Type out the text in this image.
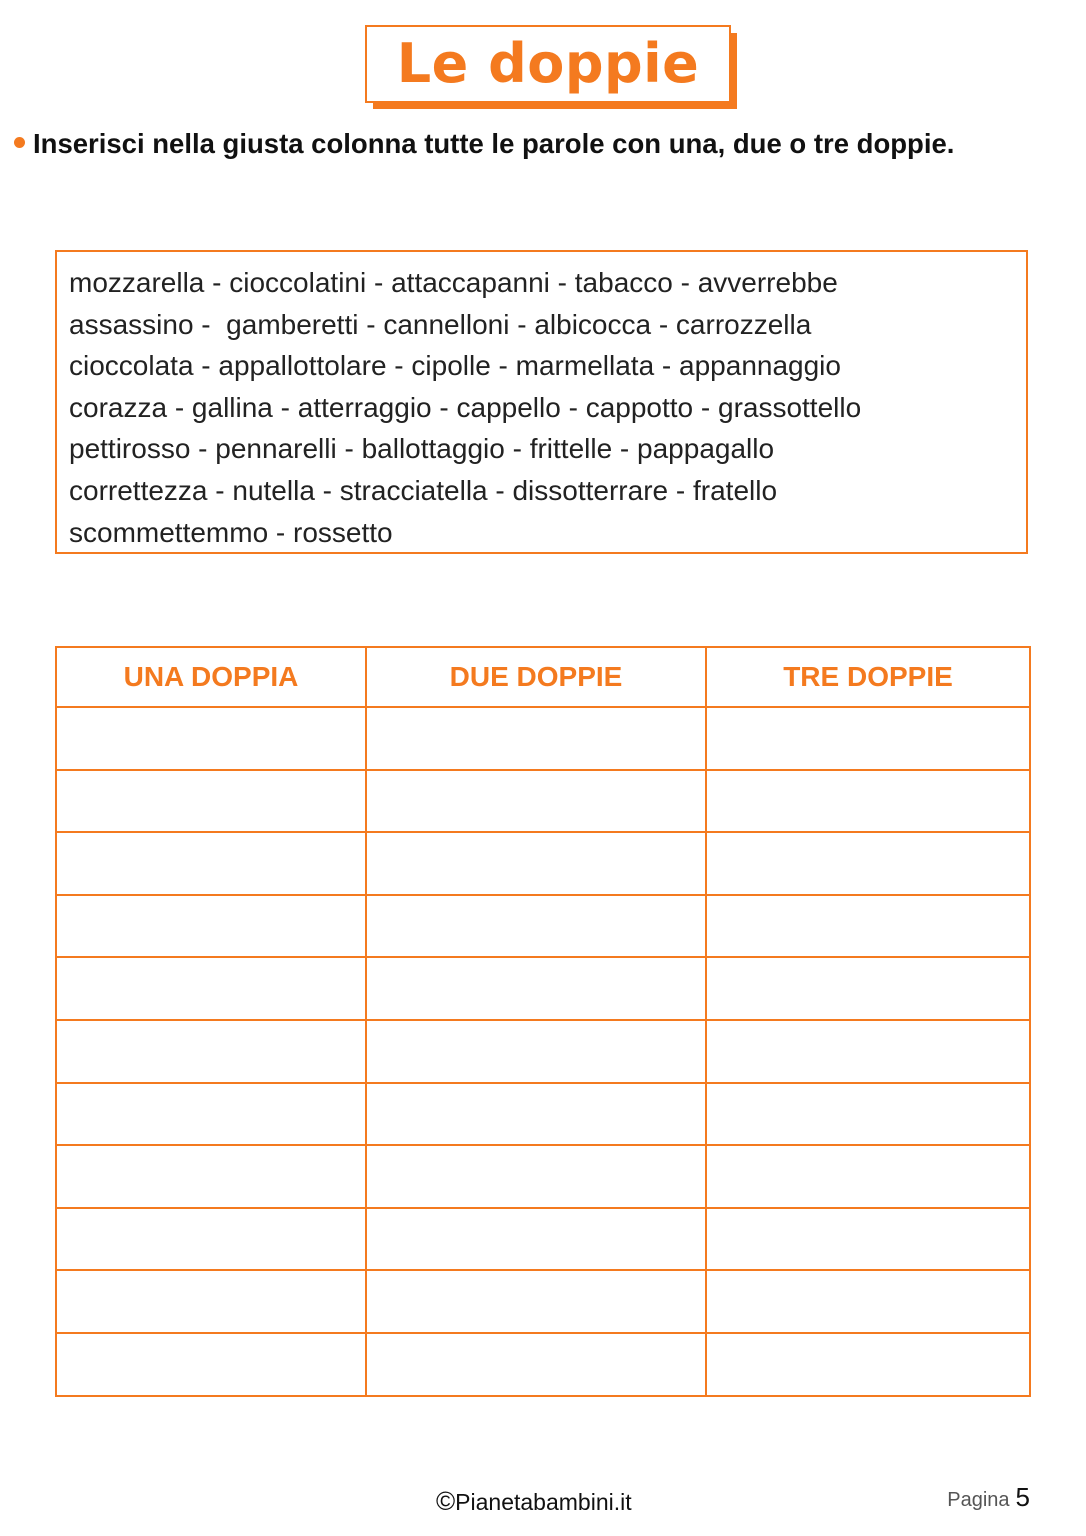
Le doppie
Inserisci nella giusta colonna tutte le parole con una, due o tre doppie.
mozzarella - cioccolatini - attaccapanni - tabacco - avverrebbe
assassino -  gamberetti - cannelloni - albicocca - carrozzella
cioccolata - appallottolare - cipolle - marmellata - appannaggio
corazza - gallina - atterraggio - cappello - cappotto - grassottello
pettirosso - pennarelli - ballottaggio - frittelle - pappagallo
correttezza - nutella - stracciatella - dissotterrare - fratello
scommettemmo - rossetto
UNA DOPPIA	DUE DOPPIE	TRE DOPPIE

©Pianetabambini.it	Pagina 5
